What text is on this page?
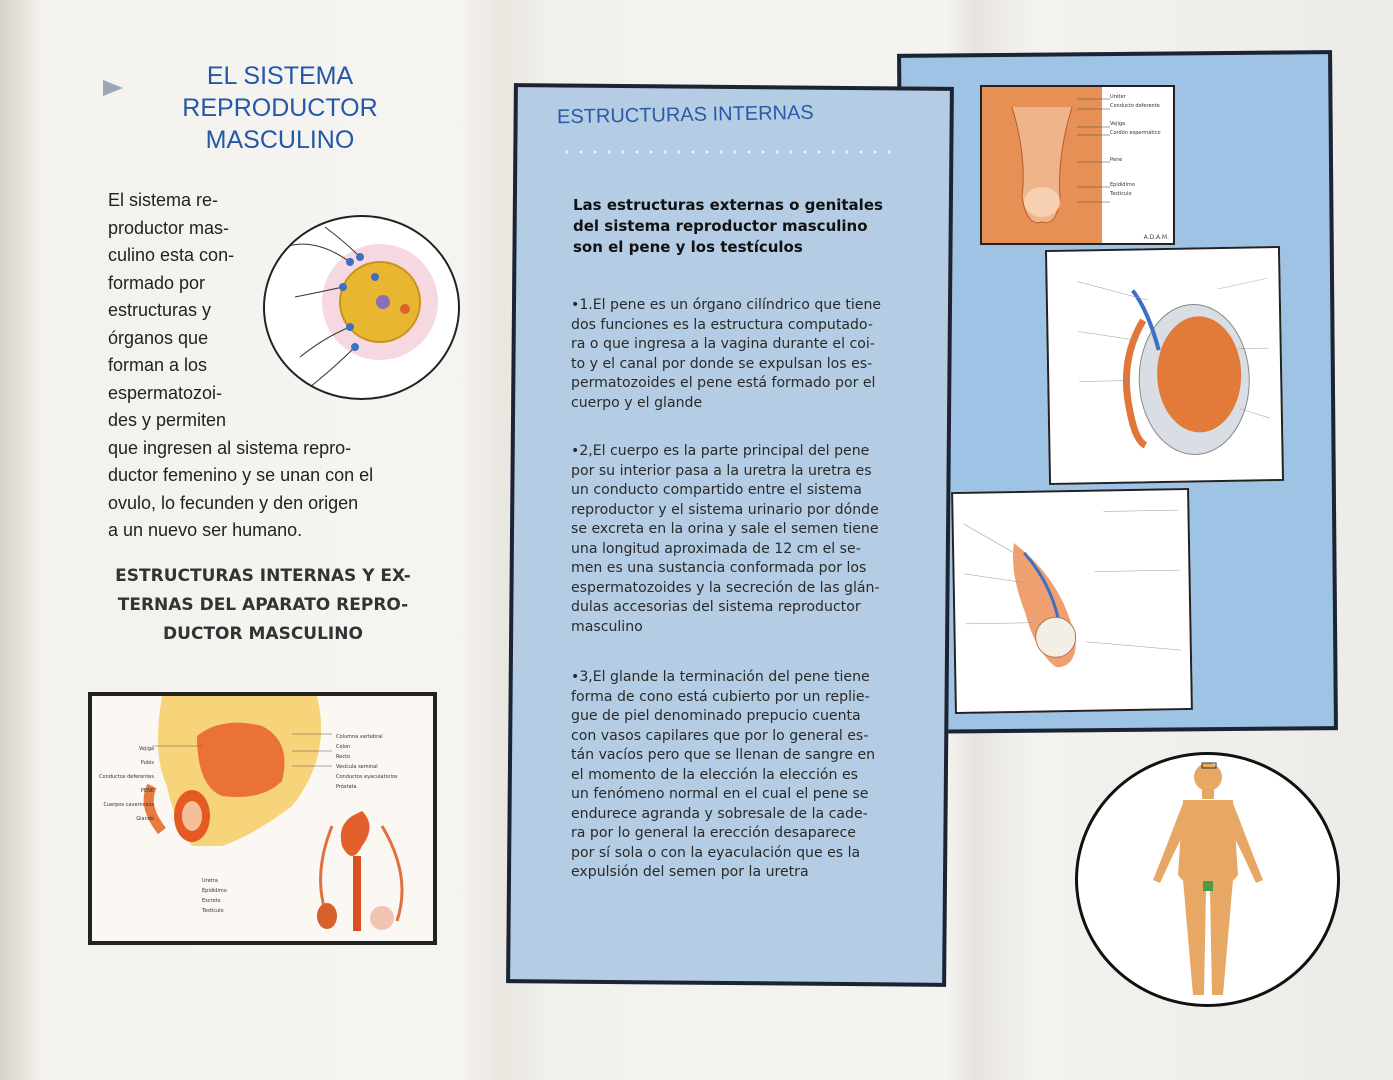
EL SISTEMA
REPRODUCTOR
MASCULINO
El sistema re-
productor mas-
culino esta con-
formado por
estructuras y
órganos que
forman a los
espermatozoi-
des y permiten
que ingresen al sistema repro-
ductor femenino y se unan con el
ovulo, lo fecunden y den origen
a un nuevo ser humano.
ESTRUCTURAS INTERNAS Y EX-
TERNAS DEL APARATO REPRO-
DUCTOR MASCULINO
Columna vertebral
Colon
Recto
Vesícula seminal
Conductos eyaculatorios
Próstata
Vejiga
Pubis
Conductos deferentes
PENE
Cuerpos cavernosos
Glande
Uretra
Epidídimo
Escroto
Testículo
ESTRUCTURAS INTERNAS
Las estructuras externas o genitales
del sistema reproductor masculino
son el pene y los testículos
•1.El pene es un órgano cilíndrico que tiene
dos funciones es la estructura computado-
ra o que ingresa a la vagina durante el coi-
to y el canal por donde se expulsan los es-
permatozoides el pene está formado por el
cuerpo y el glande
•2,El cuerpo es la parte principal del pene
por su interior pasa a la uretra la uretra es
un conducto compartido entre el sistema
reproductor y el sistema urinario por dónde
se excreta en la orina y sale el semen tiene
una longitud aproximada de 12 cm el se-
men es una sustancia conformada por los
espermatozoides y la secreción de las glán-
dulas accesorias del sistema reproductor
masculino
•3,El glande la terminación del pene tiene
forma de cono está cubierto por un replie-
gue de piel denominado prepucio cuenta
con vasos capilares que por lo general es-
tán vacíos pero que se llenan de sangre en
el momento de la elección la elección es
un fenómeno normal en el cual el pene se
endurece agranda y sobresale de la cade-
ra por lo general la erección desaparece
por sí sola o con la eyaculación que es la
expulsión del semen por la uretra
Uréter
Conducto deferente
Vejiga
Cordón espermático
Pene
Epidídimo
Testículo
A.D.A.M.
